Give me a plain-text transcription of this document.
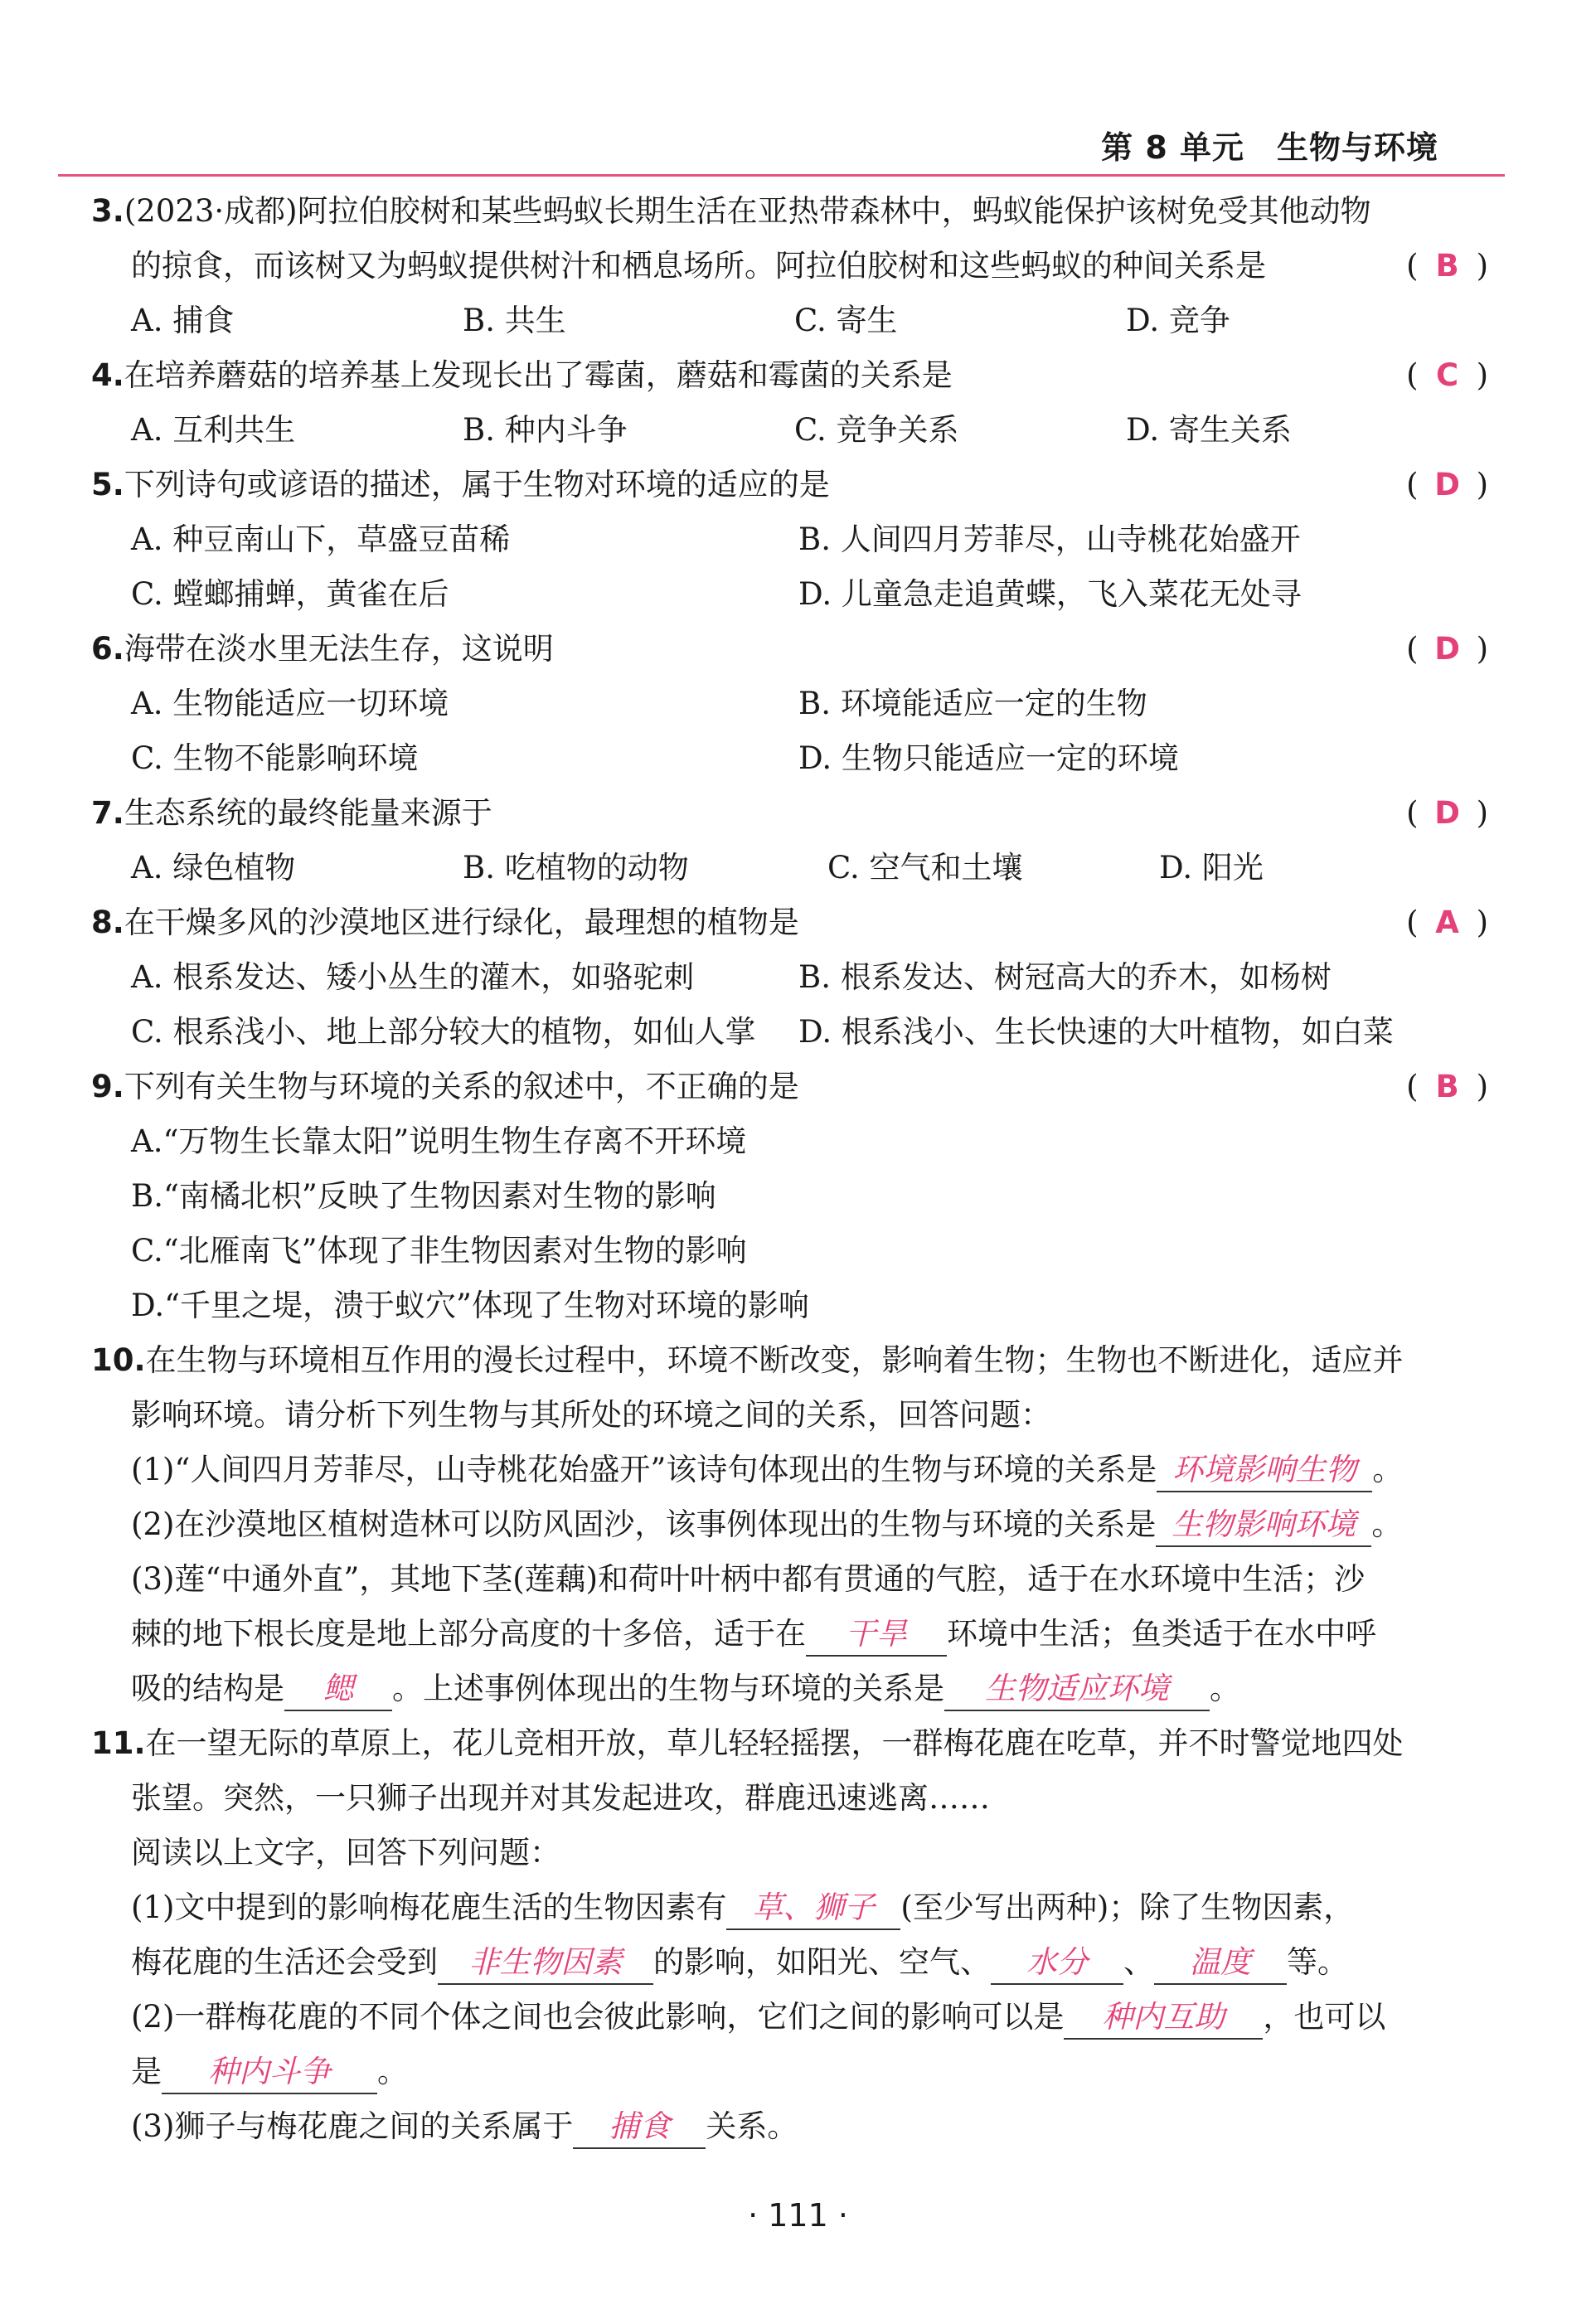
第 8 单元　生物与环境
3.(2023·成都)阿拉伯胶树和某些蚂蚁长期生活在亚热带森林中，蚂蚁能保护该树免受其他动物
的掠食，而该树又为蚂蚁提供树汁和栖息场所。阿拉伯胶树和这些蚂蚁的种间关系是	( B )
A. 捕食	B. 共生	C. 寄生	D. 竞争
4.在培养蘑菇的培养基上发现长出了霉菌，蘑菇和霉菌的关系是	( C )
A. 互利共生	B. 种内斗争	C. 竞争关系	D. 寄生关系
5.下列诗句或谚语的描述，属于生物对环境的适应的是	( D )
A. 种豆南山下，草盛豆苗稀	B. 人间四月芳菲尽，山寺桃花始盛开
C. 螳螂捕蝉，黄雀在后	D. 儿童急走追黄蝶，飞入菜花无处寻
6.海带在淡水里无法生存，这说明	( D )
A. 生物能适应一切环境	B. 环境能适应一定的生物
C. 生物不能影响环境	D. 生物只能适应一定的环境
7.生态系统的最终能量来源于	( D )
A. 绿色植物	B. 吃植物的动物	C. 空气和土壤	D. 阳光
8.在干燥多风的沙漠地区进行绿化，最理想的植物是	( A )
A. 根系发达、矮小丛生的灌木，如骆驼刺	B. 根系发达、树冠高大的乔木，如杨树
C. 根系浅小、地上部分较大的植物，如仙人掌	D. 根系浅小、生长快速的大叶植物，如白菜
9.下列有关生物与环境的关系的叙述中，不正确的是	( B )
A.“万物生长靠太阳”说明生物生存离不开环境
B.“南橘北枳”反映了生物因素对生物的影响
C.“北雁南飞”体现了非生物因素对生物的影响
D.“千里之堤，溃于蚁穴”体现了生物对环境的影响
10.在生物与环境相互作用的漫长过程中，环境不断改变，影响着生物；生物也不断进化，适应并
影响环境。请分析下列生物与其所处的环境之间的关系，回答问题：
(1)“人间四月芳菲尽，山寺桃花始盛开”该诗句体现出的生物与环境的关系是 环境影响生物 。
(2)在沙漠地区植树造林可以防风固沙，该事例体现出的生物与环境的关系是 生物影响环境 。
(3)莲“中通外直”，其地下茎(莲藕)和荷叶叶柄中都有贯通的气腔，适于在水环境中生活；沙
棘的地下根长度是地上部分高度的十多倍，适于在 干旱 环境中生活；鱼类适于在水中呼
吸的结构是 鳃 。上述事例体现出的生物与环境的关系是 生物适应环境 。
11.在一望无际的草原上，花儿竞相开放，草儿轻轻摇摆，一群梅花鹿在吃草，并不时警觉地四处
张望。突然，一只狮子出现并对其发起进攻，群鹿迅速逃离……
阅读以上文字，回答下列问题：
(1)文中提到的影响梅花鹿生活的生物因素有 草、狮子 (至少写出两种)；除了生物因素，
梅花鹿的生活还会受到 非生物因素 的影响，如阳光、空气、 水分 、 温度 等。
(2)一群梅花鹿的不同个体之间也会彼此影响，它们之间的影响可以是 种内互助 ，也可以
是 种内斗争 。
(3)狮子与梅花鹿之间的关系属于 捕食 关系。
· 111 ·
